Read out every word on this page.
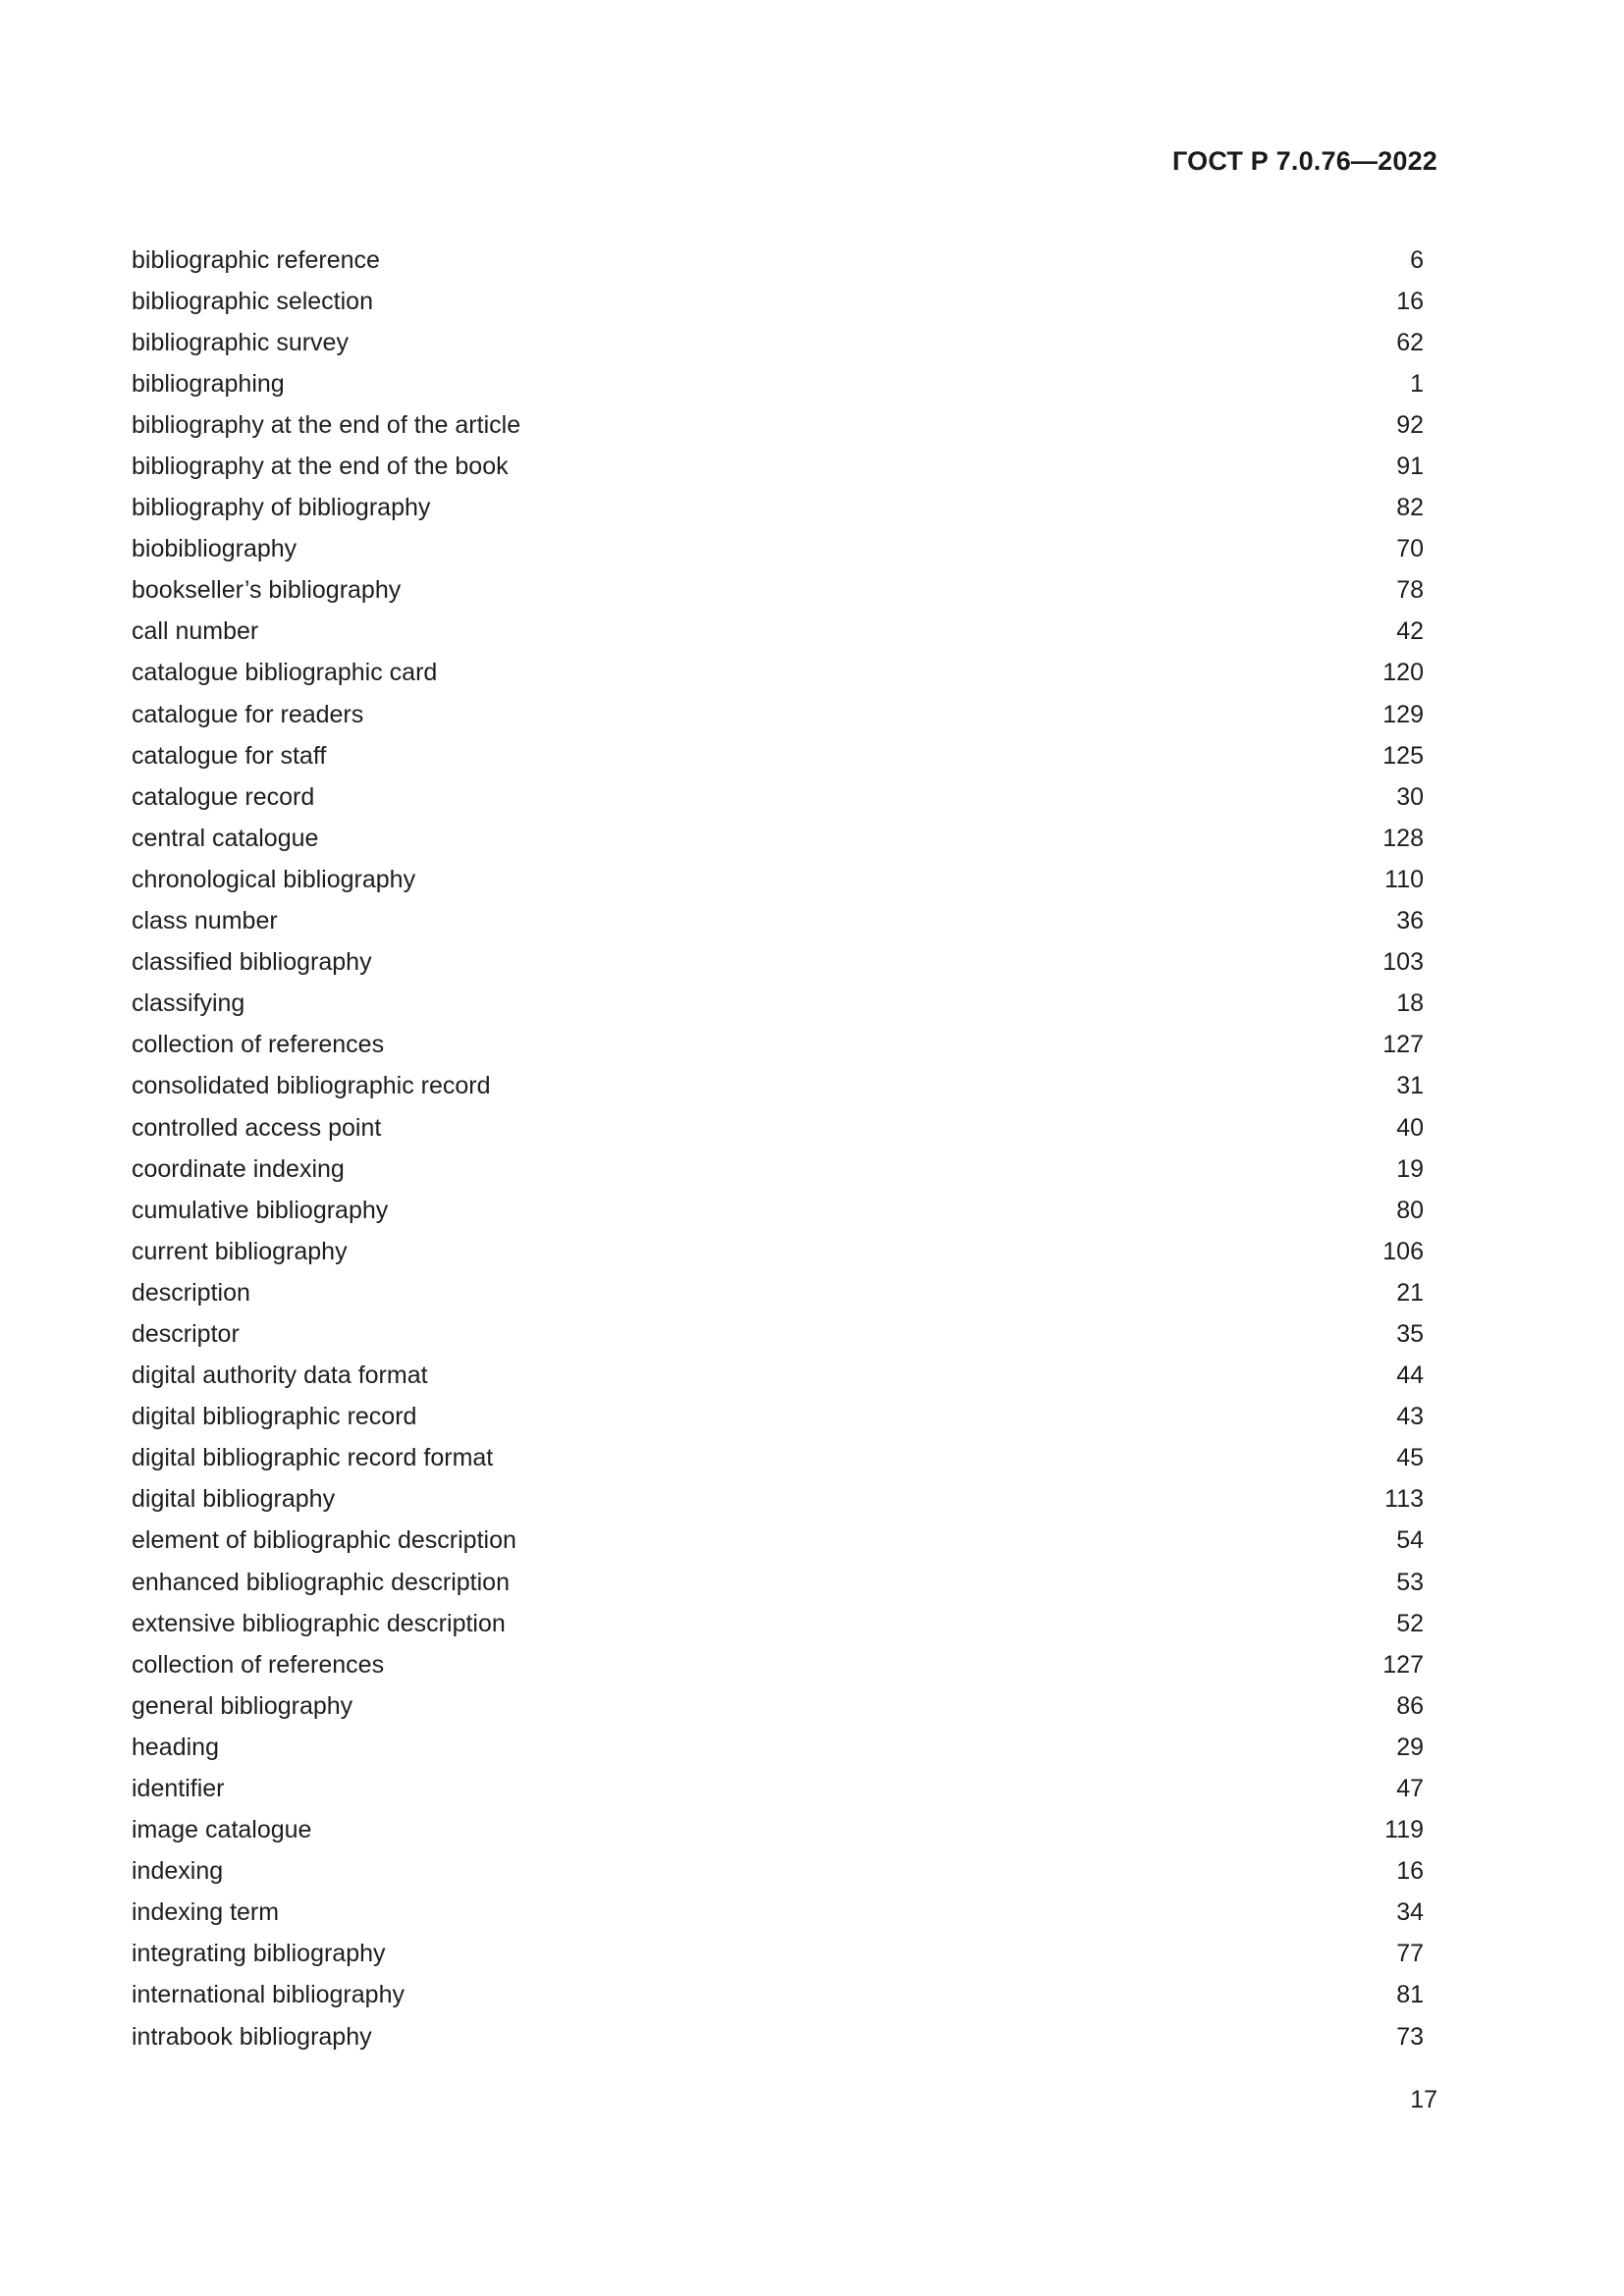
ГОСТ Р 7.0.76—2022
bibliographic reference	6
bibliographic selection	16
bibliographic survey	62
bibliographing	1
bibliography at the end of the article	92
bibliography at the end of the book	91
bibliography of bibliography	82
biobibliography	70
bookseller’s bibliography	78
call number	42
catalogue bibliographic card	120
catalogue for readers	129
catalogue for staff	125
catalogue record	30
central catalogue	128
chronological bibliography	110
class number	36
classified bibliography	103
classifying	18
collection of references	127
consolidated bibliographic record	31
controlled access point	40
coordinate indexing	19
cumulative bibliography	80
current bibliography	106
description	21
descriptor	35
digital authority data format	44
digital bibliographic record	43
digital bibliographic record format	45
digital bibliography	113
element of bibliographic description	54
enhanced bibliographic description	53
extensive bibliographic description	52
collection of references	127
general bibliography	86
heading	29
identifier	47
image catalogue	119
indexing	16
indexing term	34
integrating bibliography	77
international bibliography	81
intrabook bibliography	73
17
